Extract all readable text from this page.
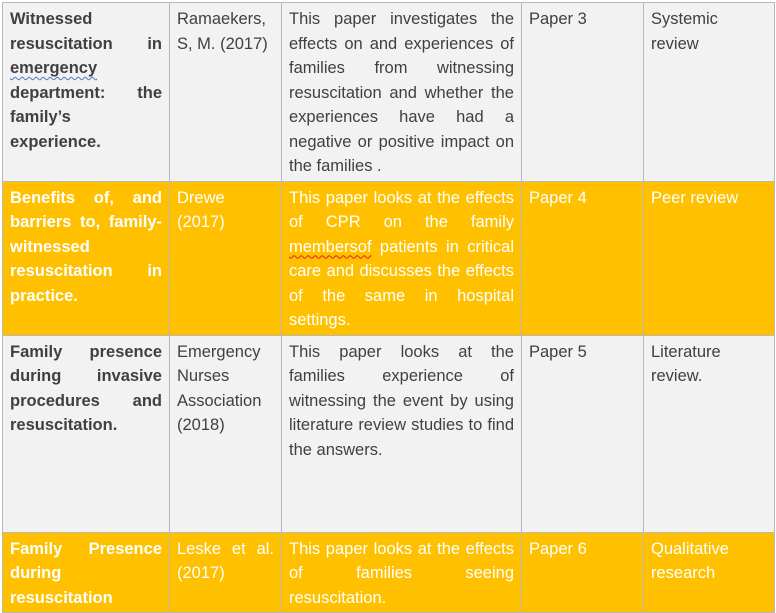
Witnessed resuscitation in emergency department: the family’s experience.	Ramaekers, S, M. (2017)	This paper investigates the effects on and experiences of families from witnessing resuscitation and whether the experiences have had a negative or positive impact on the families .	Paper 3	Systemic review
Benefits of, and barriers to, family-witnessed resuscitation in practice.	Drewe (2017)	This paper looks at the effects of CPR on the family membersof patients in critical care and discusses the effects of the same in hospital settings.	Paper 4	Peer review
Family presence during invasive procedures and resuscitation.	Emergency Nurses Association (2018)	This paper looks at the families experience of witnessing the event by using literature review studies to find the answers.	Paper 5	Literature review.
Family Presence during resuscitation	Leske et al. (2017)	This paper looks at the effects of families seeing resuscitation.	Paper 6	Qualitative research
